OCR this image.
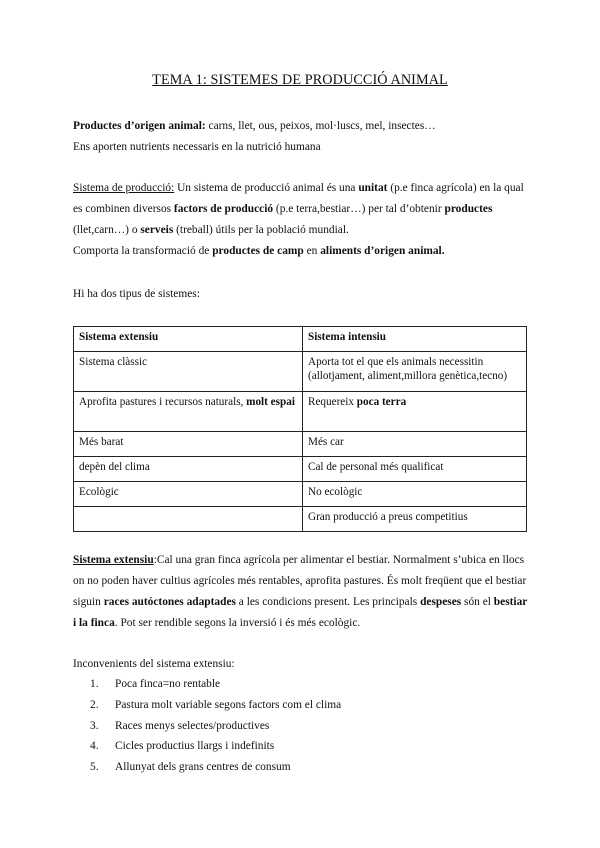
TEMA 1: SISTEMES DE PRODUCCIÓ ANIMAL
Productes d’origen animal: carns, llet, ous, peixos, mol·luscs, mel, insectes…
Ens aporten nutrients necessaris en la nutrició humana
Sistema de producció: Un sistema de producció animal és una unitat (p.e finca agrícola) en la qual es combinen diversos factors de producció (p.e terra,bestiar…) per tal d’obtenir productes (llet,carn…) o serveis (treball) útils per la població mundial.
Comporta la transformació de productes de camp en aliments d’origen animal.
Hi ha dos tipus de sistemes:
Sistema extensiu	Sistema intensiu
Sistema clàssic	Aporta tot el que els animals necessitin (allotjament, aliment,millora genètica,tecno)
Aprofita pastures i recursos naturals, molt espai	Requereix poca terra
Més barat	Més car
depèn del clima	Cal de personal més qualificat
Ecològic	No ecològic
	Gran producció a preus competitius
Sistema extensiu:Cal una gran finca agrícola per alimentar el bestiar. Normalment s’ubica en llocs on no poden haver cultius agrícoles més rentables, aprofita pastures. És molt freqüent que el bestiar siguin races autóctones adaptades a les condicions present. Les principals despeses són el bestiar i la finca. Pot ser rendible segons la inversió i és més ecològic.
Inconvenients del sistema extensiu:
1. Poca finca=no rentable
2. Pastura molt variable segons factors com el clima
3. Races menys selectes/productives
4. Cicles productius llargs i indefinits
5. Allunyat dels grans centres de consum
